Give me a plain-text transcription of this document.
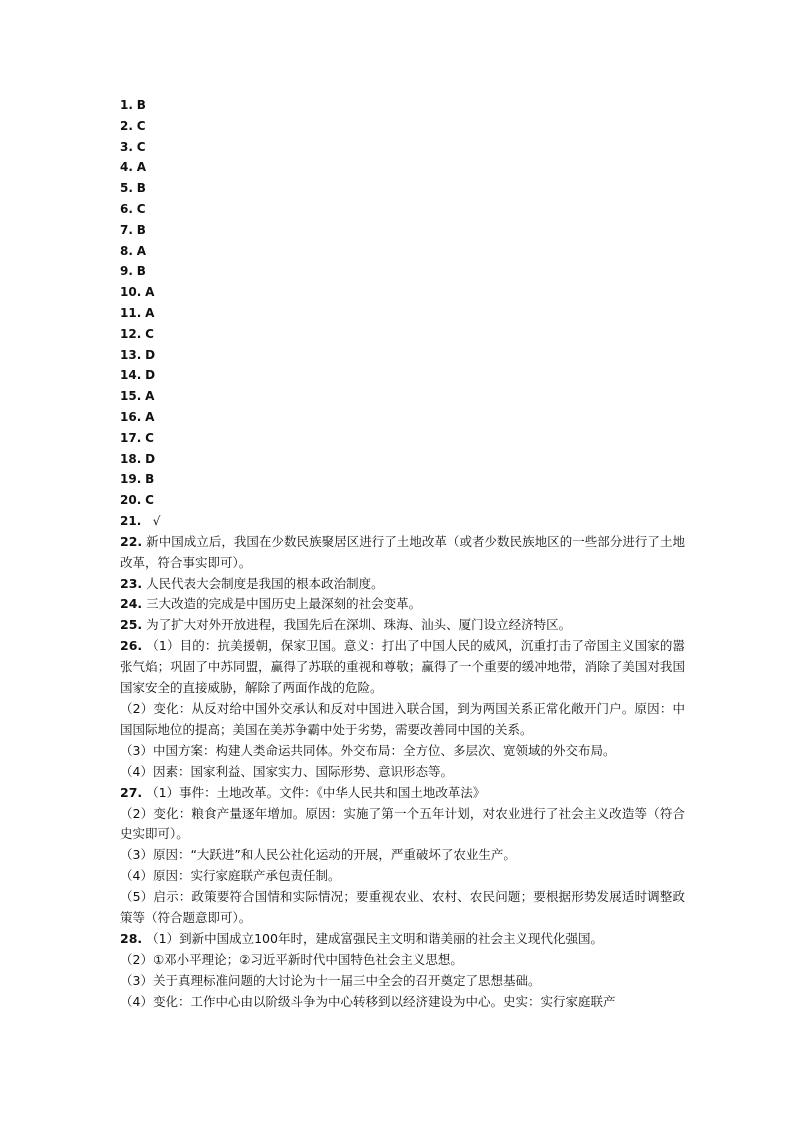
1. B
2. C
3. C
4. A
5. B
6. C
7. B
8. A
9. B
10. A
11. A
12. C
13. D
14. D
15. A
16. A
17. C
18. D
19. B
20. C
21. √
22. 新中国成立后，我国在少数民族聚居区进行了土地改革（或者少数民族地区的一些部分进行了土地改革，符合事实即可）。
23. 人民代表大会制度是我国的根本政治制度。
24. 三大改造的完成是中国历史上最深刻的社会变革。
25. 为了扩大对外开放进程，我国先后在深圳、珠海、汕头、厦门设立经济特区。
26. （1）目的：抗美援朝，保家卫国。意义：打出了中国人民的威风，沉重打击了帝国主义国家的嚣张气焰；巩固了中苏同盟，赢得了苏联的重视和尊敬；赢得了一个重要的缓冲地带，消除了美国对我国国家安全的直接威胁，解除了两面作战的危险。
（2）变化：从反对给中国外交承认和反对中国进入联合国，到为两国关系正常化敞开门户。原因：中国国际地位的提高；美国在美苏争霸中处于劣势，需要改善同中国的关系。
（3）中国方案：构建人类命运共同体。外交布局：全方位、多层次、宽领域的外交布局。
（4）因素：国家利益、国家实力、国际形势、意识形态等。
27. （1）事件：土地改革。文件：《中华人民共和国土地改革法》
（2）变化：粮食产量逐年增加。原因：实施了第一个五年计划，对农业进行了社会主义改造等（符合史实即可）。
（3）原因：“大跃进”和人民公社化运动的开展，严重破坏了农业生产。
（4）原因：实行家庭联产承包责任制。
（5）启示：政策要符合国情和实际情况；要重视农业、农村、农民问题；要根据形势发展适时调整政策等（符合题意即可）。
28. （1）到新中国成立100年时，建成富强民主文明和谐美丽的社会主义现代化强国。
（2）①邓小平理论；②习近平新时代中国特色社会主义思想。
（3）关于真理标准问题的大讨论为十一届三中全会的召开奠定了思想基础。
（4）变化：工作中心由以阶级斗争为中心转移到以经济建设为中心。史实：实行家庭联产
